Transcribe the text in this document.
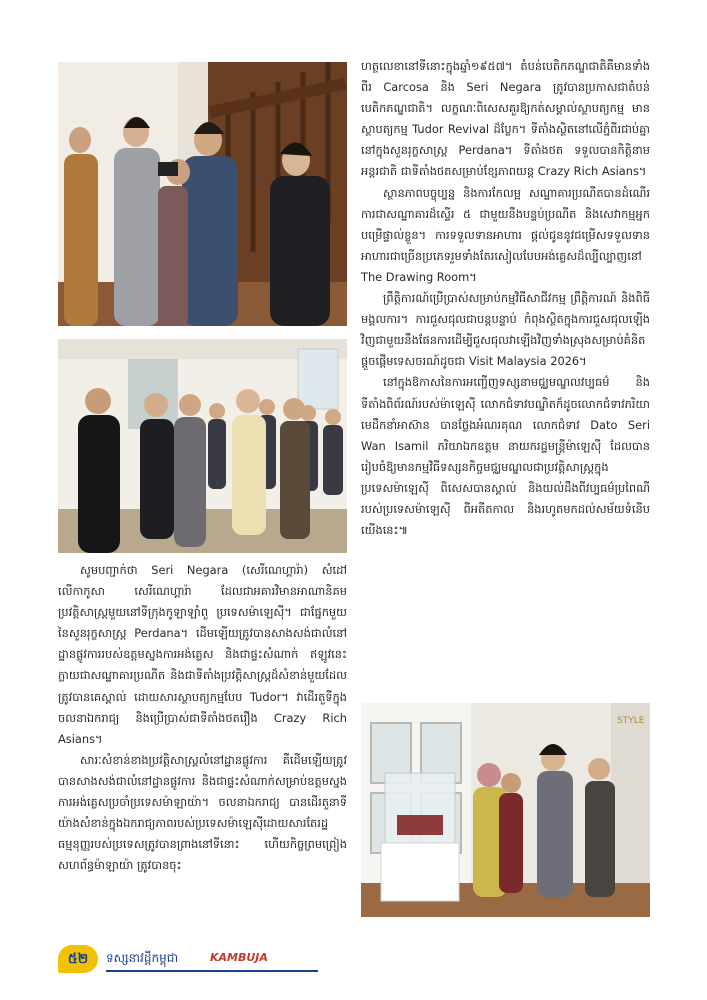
STYLE

ហត្ថលេខានៅទីនោះក្នុងឆ្នាំ១៩៥៧។ តំបន់បេតិកភណ្ឌជាតិគឺមានទាំងពីរ Carcosa និង Seri Negara ត្រូវបានប្រកាសជាតំបន់បេតិកភណ្ឌជាតិ។ លក្ខណៈពិសេសគួរឱ្យកត់សម្គាល់ស្ថាបត្យកម្ម មានស្ថាបត្យកម្ម Tudor Revival ដ៏ប្លែក។ ទីតាំងស្ថិតនៅលើភ្នំពីរជាប់គ្នានៅក្នុងសួនរុក្ខសាស្ត្រ Perdana។ ទីតាំងថត ទទួលបានកិត្តិនាមអន្តរជាតិ ជាទីតាំងថតសម្រាប់ខ្សែភាពយន្ត Crazy Rich Asians។

ស្ថានភាពបច្ចុប្បន្ន និងការកែលម្អ សណ្ឋាគារប្រណីតបានដំណើរការជាសណ្ឋាគារដ៏ស្ទើរ ៥ ជាមួយនឹងបន្ទប់ប្រណីត និងសេវាកម្មអ្នកបម្រើផ្ទាល់ខ្លួន។ ការទទួលទានអាហារ ផ្ដល់ជូននូវជម្រើសទទួលទានអាហារជាច្រើនប្រភេទរួមទាំងតែរសៀលបែបអង់គ្លេសដ៏ល្បីល្បាញនៅ The Drawing Room។

ព្រឹត្តិការណ៍ប្រើប្រាស់សម្រាប់កម្មវិធីសាជីវកម្ម ព្រឹត្តិការណ៍ និងពិធីមង្គលការ។ ការជួសជុលជាបន្តបន្ទាប់ កំពុងស្ថិតក្នុងការជួសជុលឡើងវិញជាមួយនឹងផែនការដើម្បីជួសជុលវាឡើងវិញទាំងស្រុងសម្រាប់គំនិតផ្ដួចផ្ដើមទេសចរណ៍ដូចជា Visit Malaysia 2026។

នៅក្នុងឱកាសនៃការអញ្ជើញទស្សនាមជ្ឈមណ្ឌលវប្បធម៌ និងទីតាំងពិព័រណ៍របស់ម៉ាឡេស៊ី លោកជំទាវបណ្ឌិតក៏ដូចលោកជំទាវភរិយាមេដឹកនាំអាស៊ាន បានថ្លែងអំណរគុណ លោកជំទាវ Dato Seri Wan Isamil ភរិយាឯកឧត្តម នាយករដ្ឋមន្ត្រីម៉ាឡេស៊ី ដែលបានរៀបចំឱ្យមានកម្មវិធីទស្សនកិច្ចមជ្ឈមណ្ឌលជាប្រវត្តិសាស្ត្រក្នុងប្រទេសម៉ាឡេស៊ី ពិសេសបានស្គាល់ និងយល់ដឹងពីវប្បធម៌ប្រពៃណីរបស់ប្រទេសម៉ាឡេស៊ី ពីអតីតកាល និងរហូតមកដល់សម័យទំនើបយើងនេះ៕

សូមបញ្ជាក់ថា Seri Negara (សេរីណេហ្គារ៉ា) សំដៅលើកាកូសា សេរីណេហ្គារ៉ា ដែលជាអគារវិមានអាណានិគម ប្រវត្តិសាស្ត្រមួយនៅទីក្រុងកូឡាឡាំពួ ប្រទេសម៉ាឡេស៊ី។ ជាផ្នែកមួយនៃសួនរុក្ខសាស្ត្រ Perdana។ ដើមឡើយត្រូវបានសាងសង់ជាលំនៅដ្ឋានផ្លូវការរបស់ឧត្តមស្នងការអង់គ្លេស និងជាផ្ទះសំណាក់ ឥឡូវនេះក្លាយជាសណ្ឋាគារប្រណីត និងជាទីតាំងប្រវត្តិសាស្ត្រដ៏សំខាន់មួយដែលត្រូវបានគេស្គាល់ ដោយសារស្ថាបត្យកម្មបែប Tudor។ វាដើរតួទីក្នុងចលនាឯករាជ្យ និងប្រើប្រាស់ជាទីតាំងថតរឿង Crazy Rich Asians។

សារៈសំខាន់ខាងប្រវត្តិសាស្ត្រលំនៅដ្ឋានផ្លូវការ គឺដើមឡើយត្រូវបានសាងសង់ជាលំនៅដ្ឋានផ្លូវការ និងជាផ្ទះសំណាក់សម្រាប់ឧត្តមស្នងការអង់គ្លេសប្រចាំប្រទេសម៉ាឡាយ៉ា។ ចលនាឯករាជ្យ បានដើរតួនាទីយ៉ាងសំខាន់ក្នុងឯករាជ្យភាពរបស់ប្រទេសម៉ាឡេស៊ីដោយសារតែរដ្ឋធម្មនុញ្ញរបស់ប្រទេសត្រូវបានព្រាងនៅទីនោះ ហើយកិច្ចព្រមព្រៀងសហព័ន្ធម៉ាឡាយ៉ា ត្រូវបានចុះ

៥២	ទស្សនាវដ្ដីកម្ពុជា	KAMBUJA
